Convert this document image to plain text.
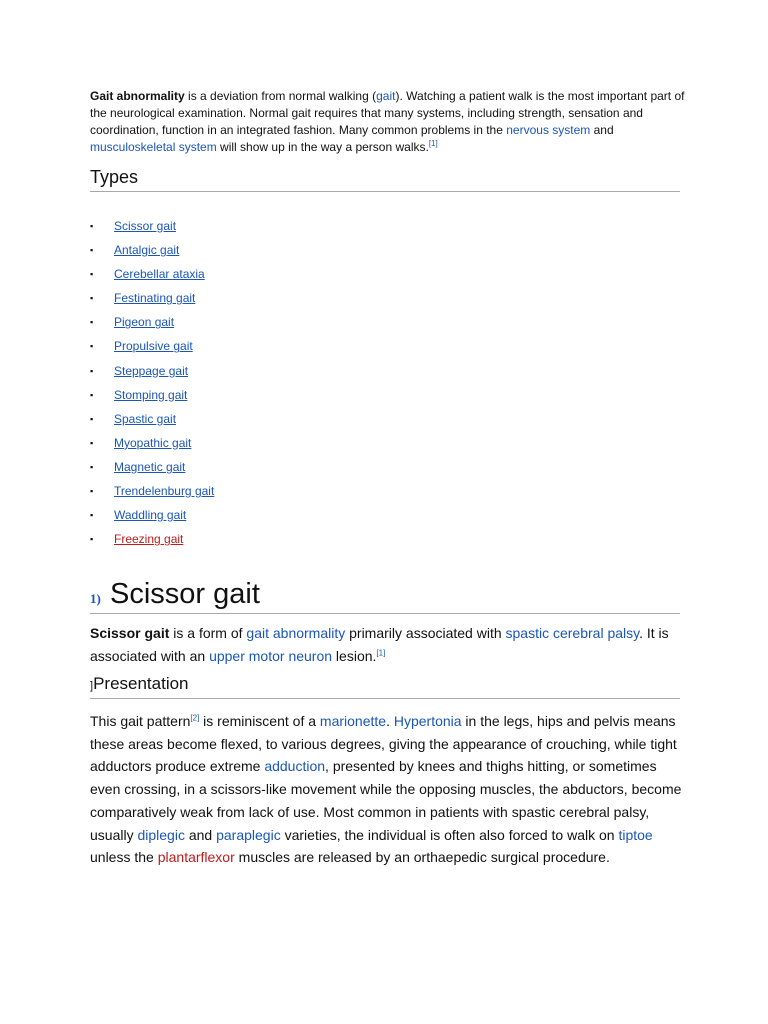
Gait abnormality is a deviation from normal walking (gait). Watching a patient walk is the most important part of the neurological examination. Normal gait requires that many systems, including strength, sensation and coordination, function in an integrated fashion. Many common problems in the nervous system and musculoskeletal system will show up in the way a person walks.[1]

Types
▪	Scissor gait
▪	Antalgic gait
▪	Cerebellar ataxia
▪	Festinating gait
▪	Pigeon gait
▪	Propulsive gait
▪	Steppage gait
▪	Stomping gait
▪	Spastic gait
▪	Myopathic gait
▪	Magnetic gait
▪	Trendelenburg gait
▪	Waddling gait
▪	Freezing gait
1) Scissor gait

Scissor gait is a form of gait abnormality primarily associated with spastic cerebral palsy. It is associated with an upper motor neuron lesion.[1]

]Presentation

This gait pattern[2] is reminiscent of a marionette. Hypertonia in the legs, hips and pelvis means these areas become flexed, to various degrees, giving the appearance of crouching, while tight adductors produce extreme adduction, presented by knees and thighs hitting, or sometimes even crossing, in a scissors-like movement while the opposing muscles, the abductors, become comparatively weak from lack of use. Most common in patients with spastic cerebral palsy, usually diplegic and paraplegic varieties, the individual is often also forced to walk on tiptoe unless the plantarflexor muscles are released by an orthaepedic surgical procedure.
